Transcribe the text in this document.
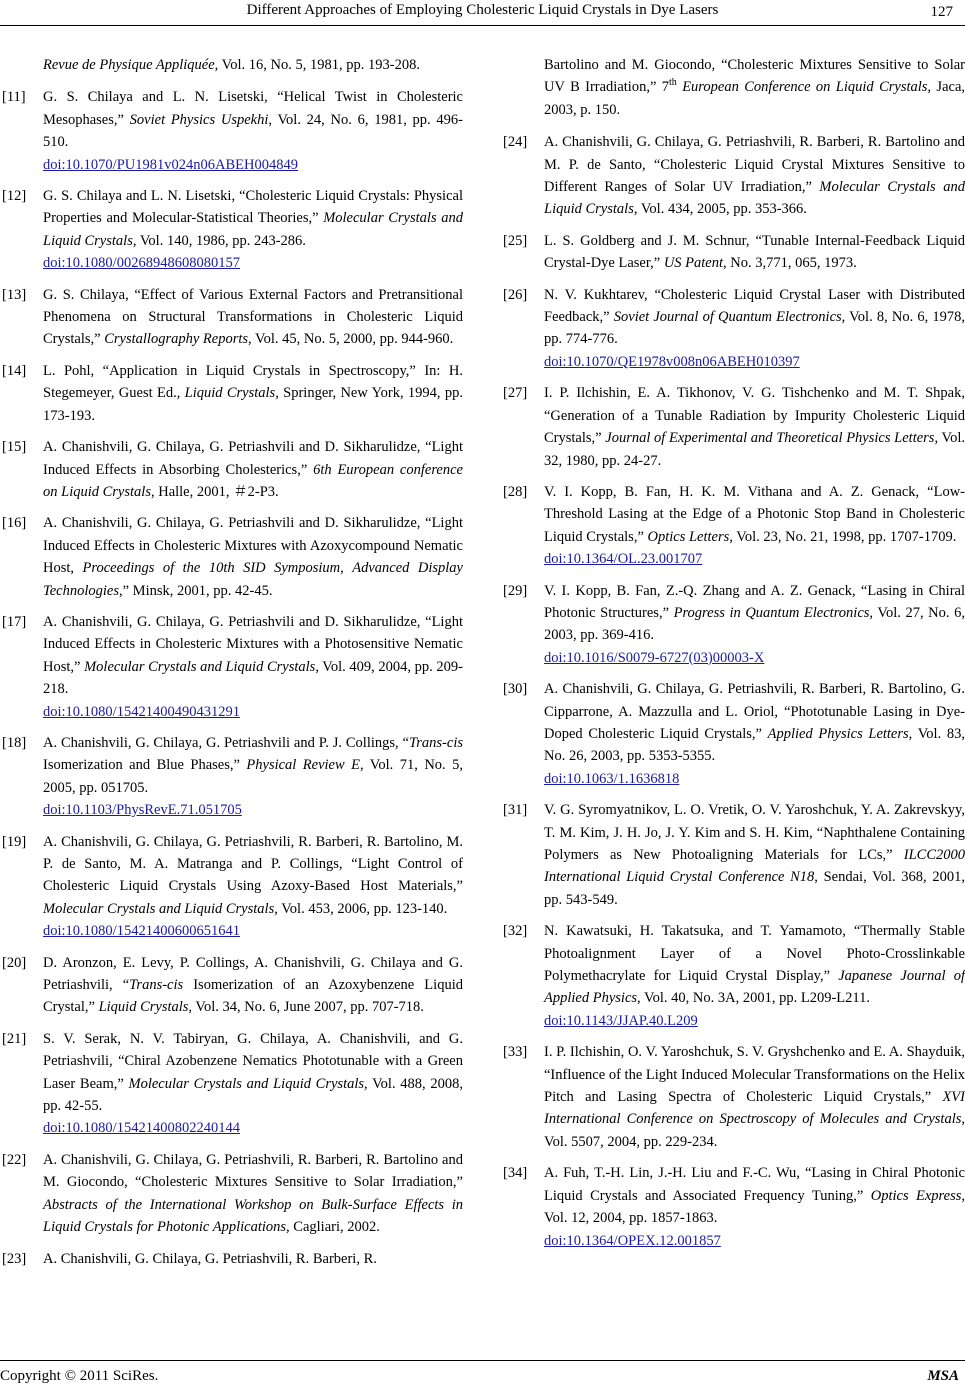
Different Approaches of Employing Cholesteric Liquid Crystals in Dye Lasers	127
Revue de Physique Appliquée, Vol. 16, No. 5, 1981, pp. 193-208.
[11] G. S. Chilaya and L. N. Lisetski, “Helical Twist in Cholesteric Mesophases,” Soviet Physics Uspekhi, Vol. 24, No. 6, 1981, pp. 496-510.
doi:10.1070/PU1981v024n06ABEH004849
[12] G. S. Chilaya and L. N. Lisetski, “Cholesteric Liquid Crystals: Physical Properties and Molecular-Statistical Theories,” Molecular Crystals and Liquid Crystals, Vol. 140, 1986, pp. 243-286.
doi:10.1080/00268948608080157
[13] G. S. Chilaya, “Effect of Various External Factors and Pretransitional Phenomena on Structural Transformations in Cholesteric Liquid Crystals,” Crystallography Reports, Vol. 45, No. 5, 2000, pp. 944-960.
[14] L. Pohl, “Application in Liquid Crystals in Spectroscopy,” In: H. Stegemeyer, Guest Ed., Liquid Crystals, Springer, New York, 1994, pp. 173-193.
[15] A. Chanishvili, G. Chilaya, G. Petriashvili and D. Sikharulidze, “Light Induced Effects in Absorbing Cholesterics,” 6th European conference on Liquid Crystals, Halle, 2001, ＃2-P3.
[16] A. Chanishvili, G. Chilaya, G. Petriashvili and D. Sikharulidze, “Light Induced Effects in Cholesteric Mixtures with Azoxycompound Nematic Host, Proceedings of the 10th SID Symposium, Advanced Display Technologies,” Minsk, 2001, pp. 42-45.
[17] A. Chanishvili, G. Chilaya, G. Petriashvili and D. Sikharulidze, “Light Induced Effects in Cholesteric Mixtures with a Photosensitive Nematic Host,” Molecular Crystals and Liquid Crystals, Vol. 409, 2004, pp. 209-218.
doi:10.1080/15421400490431291
[18] A. Chanishvili, G. Chilaya, G. Petriashvili and P. J. Collings, “Trans-cis Isomerization and Blue Phases,” Physical Review E, Vol. 71, No. 5, 2005, pp. 051705.
doi:10.1103/PhysRevE.71.051705
[19] A. Chanishvili, G. Chilaya, G. Petriashvili, R. Barberi, R. Bartolino, M. P. de Santo, M. A. Matranga and P. Collings, “Light Control of Cholesteric Liquid Crystals Using Azoxy-Based Host Materials,” Molecular Crystals and Liquid Crystals, Vol. 453, 2006, pp. 123-140.
doi:10.1080/15421400600651641
[20] D. Aronzon, E. Levy, P. Collings, A. Chanishvili, G. Chilaya and G. Petriashvili, “Trans-cis Isomerization of an Azoxybenzene Liquid Crystal,” Liquid Crystals, Vol. 34, No. 6, June 2007, pp. 707-718.
[21] S. V. Serak, N. V. Tabiryan, G. Chilaya, A. Chanishvili, and G. Petriashvili, “Chiral Azobenzene Nematics Phototunable with a Green Laser Beam,” Molecular Crystals and Liquid Crystals, Vol. 488, 2008, pp. 42-55.
doi:10.1080/15421400802240144
[22] A. Chanishvili, G. Chilaya, G. Petriashvili, R. Barberi, R. Bartolino and M. Giocondo, “Cholesteric Mixtures Sensitive to Solar Irradiation,” Abstracts of the International Workshop on Bulk-Surface Effects in Liquid Crystals for Photonic Applications, Cagliari, 2002.
[23] A. Chanishvili, G. Chilaya, G. Petriashvili, R. Barberi, R.
Bartolino and M. Giocondo, “Cholesteric Mixtures Sensitive to Solar UV B Irradiation,” 7th European Conference on Liquid Crystals, Jaca, 2003, p. 150.
[24] A. Chanishvili, G. Chilaya, G. Petriashvili, R. Barberi, R. Bartolino and M. P. de Santo, “Cholesteric Liquid Crystal Mixtures Sensitive to Different Ranges of Solar UV Irradiation,” Molecular Crystals and Liquid Crystals, Vol. 434, 2005, pp. 353-366.
[25] L. S. Goldberg and J. M. Schnur, “Tunable Internal-Feedback Liquid Crystal-Dye Laser,” US Patent, No. 3,771, 065, 1973.
[26] N. V. Kukhtarev, “Cholesteric Liquid Crystal Laser with Distributed Feedback,” Soviet Journal of Quantum Electronics, Vol. 8, No. 6, 1978, pp. 774-776.
doi:10.1070/QE1978v008n06ABEH010397
[27] I. P. Ilchishin, E. A. Tikhonov, V. G. Tishchenko and M. T. Shpak, “Generation of a Tunable Radiation by Impurity Cholesteric Liquid Crystals,” Journal of Experimental and Theoretical Physics Letters, Vol. 32, 1980, pp. 24-27.
[28] V. I. Kopp, B. Fan, H. K. M. Vithana and A. Z. Genack, “Low-Threshold Lasing at the Edge of a Photonic Stop Band in Cholesteric Liquid Crystals,” Optics Letters, Vol. 23, No. 21, 1998, pp. 1707-1709.
doi:10.1364/OL.23.001707
[29] V. I. Kopp, B. Fan, Z.-Q. Zhang and A. Z. Genack, “Lasing in Chiral Photonic Structures,” Progress in Quantum Electronics, Vol. 27, No. 6, 2003, pp. 369-416.
doi:10.1016/S0079-6727(03)00003-X
[30] A. Chanishvili, G. Chilaya, G. Petriashvili, R. Barberi, R. Bartolino, G. Cipparrone, A. Mazzulla and L. Oriol, “Phototunable Lasing in Dye-Doped Cholesteric Liquid Crystals,” Applied Physics Letters, Vol. 83, No. 26, 2003, pp. 5353-5355.
doi:10.1063/1.1636818
[31] V. G. Syromyatnikov, L. O. Vretik, O. V. Yaroshchuk, Y. A. Zakrevskyy, T. M. Kim, J. H. Jo, J. Y. Kim and S. H. Kim, “Naphthalene Containing Polymers as New Photoaligning Materials for LCs,” ILCC2000 International Liquid Crystal Conference N18, Sendai, Vol. 368, 2001, pp. 543-549.
[32] N. Kawatsuki, H. Takatsuka, and T. Yamamoto, “Thermally Stable Photoalignment Layer of a Novel Photo-Crosslinkable Polymethacrylate for Liquid Crystal Display,” Japanese Journal of Applied Physics, Vol. 40, No. 3A, 2001, pp. L209-L211.
doi:10.1143/JJAP.40.L209
[33] I. P. Ilchishin, O. V. Yaroshchuk, S. V. Gryshchenko and E. A. Shayduik, “Influence of the Light Induced Molecular Transformations on the Helix Pitch and Lasing Spectra of Cholesteric Liquid Crystals,” XVI International Conference on Spectroscopy of Molecules and Crystals, Vol. 5507, 2004, pp. 229-234.
[34] A. Fuh, T.-H. Lin, J.-H. Liu and F.-C. Wu, “Lasing in Chiral Photonic Liquid Crystals and Associated Frequency Tuning,” Optics Express, Vol. 12, 2004, pp. 1857-1863.
doi:10.1364/OPEX.12.001857
Copyright © 2011 SciRes.	MSA
